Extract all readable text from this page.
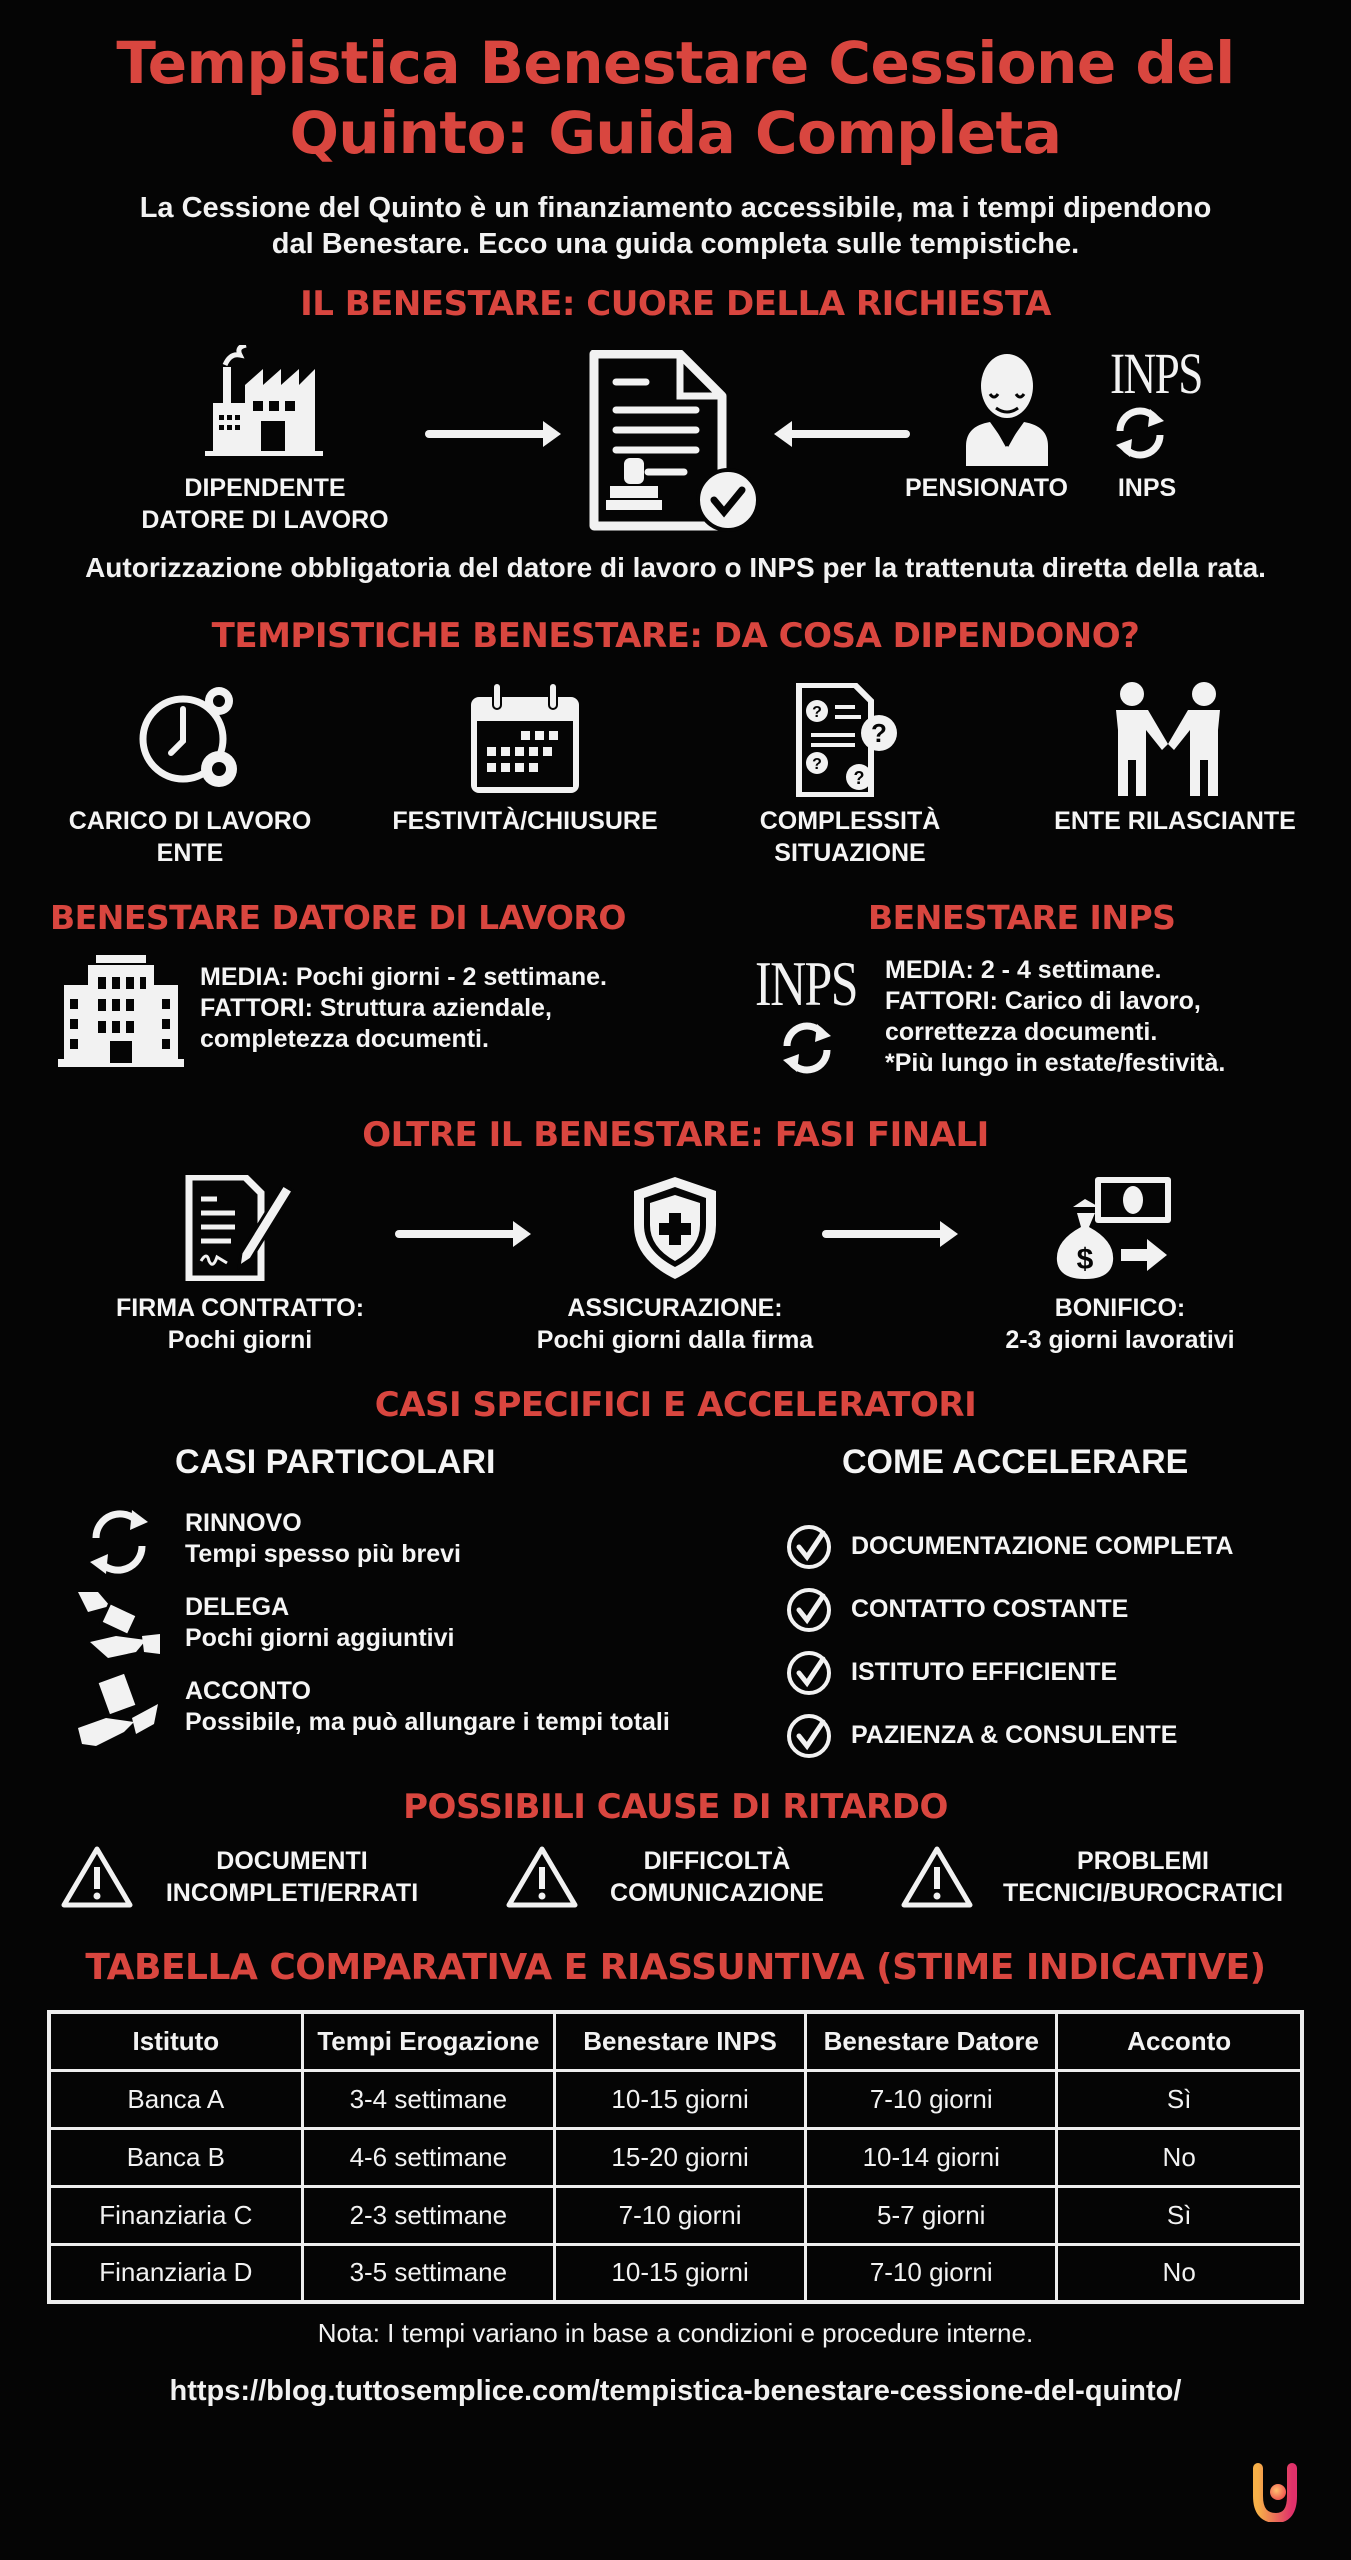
Tempistica Benestare Cessione del
Quinto: Guida Completa
La Cessione del Quinto è un finanziamento accessibile, ma i tempi dipendono
dal Benestare. Ecco una guida completa sulle tempistiche.
IL BENESTARE: CUORE DELLA RICHIESTA
DIPENDENTE
DATORE DI LAVORO
INPS
PENSIONATO INPS
Autorizzazione obbligatoria del datore di lavoro o INPS per la trattenuta diretta della rata.
TEMPISTICHE BENESTARE: DA COSA DIPENDONO?
?
?
?
?
CARICO DI LAVORO
ENTE
FESTIVITÀ/CHIUSURE	COMPLESSITÀ
SITUAZIONE
ENTE RILASCIANTE
BENESTARE DATORE DI LAVORO
MEDIA: Pochi giorni - 2 settimane.
FATTORI: Struttura aziendale,
completezza documenti.
BENESTARE INPS
INPS MEDIA: 2 - 4 settimane.
FATTORI: Carico di lavoro,
correttezza documenti.
*Più lungo in estate/festività.
OLTRE IL BENESTARE: FASI FINALI
$
FIRMA CONTRATTO:
Pochi giorni
ASSICURAZIONE:
Pochi giorni dalla firma
BONIFICO:
2-3 giorni lavorativi
CASI SPECIFICI E ACCELERATORI
CASI PARTICOLARI	COME ACCELERARE
RINNOVO
Tempi spesso più brevi
DELEGA
Pochi giorni aggiuntivi
ACCONTO
Possibile, ma può allungare i tempi totali
DOCUMENTAZIONE COMPLETA
CONTATTO COSTANTE
ISTITUTO EFFICIENTE
PAZIENZA & CONSULENTE
POSSIBILI CAUSE DI RITARDO
DOCUMENTI
INCOMPLETI/ERRATI
DIFFICOLTÀ
COMUNICAZIONE
PROBLEMI
TECNICI/BUROCRATICI
TABELLA COMPARATIVA E RIASSUNTIVA (STIME INDICATIVE)
Istituto	Tempi Erogazione	Benestare INPS	Benestare Datore	Acconto
Banca A	3-4 settimane	10-15 giorni	7-10 giorni	Sì
Banca B	4-6 settimane	15-20 giorni	10-14 giorni	No
Finanziaria C	2-3 settimane	7-10 giorni	5-7 giorni	Sì
Finanziaria D	3-5 settimane	10-15 giorni	7-10 giorni	No
Nota: I tempi variano in base a condizioni e procedure interne.
https://blog.tuttosemplice.com/tempistica-benestare-cessione-del-quinto/
